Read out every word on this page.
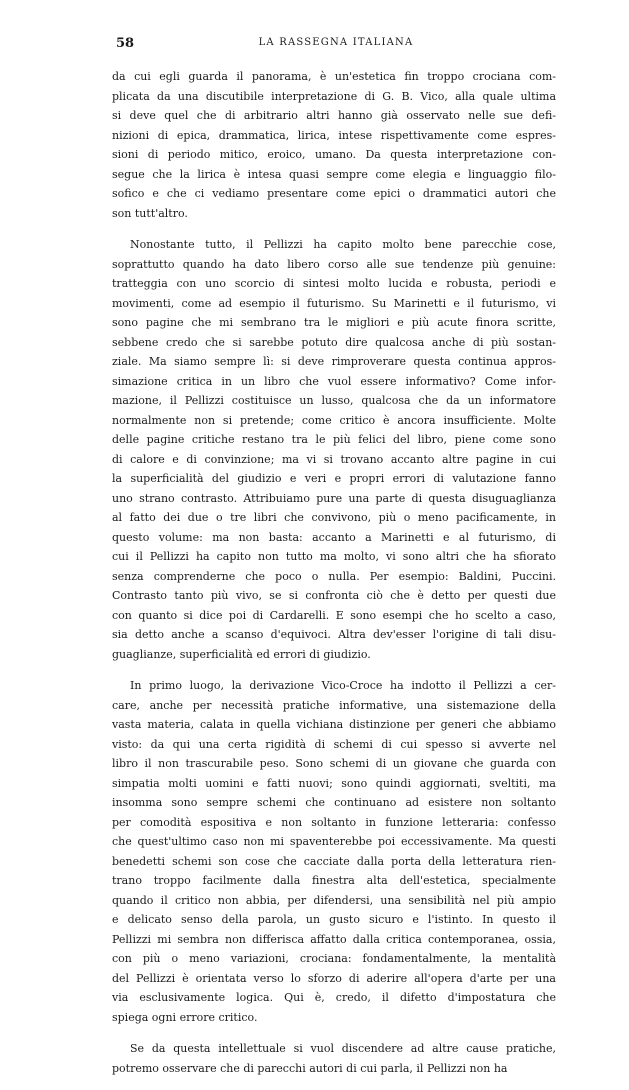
58	LA RASSEGNA ITALIANA
da cui egli guarda il panorama, è un'estetica fin troppo crociana com-
plicata da una discutibile interpretazione di G. B. Vico, alla quale ultima
si deve quel che di arbitrario altri hanno già osservato nelle sue defi-
nizioni di epica, drammatica, lirica, intese rispettivamente come espres-
sioni di periodo mitico, eroico, umano. Da questa interpretazione con-
segue che la lirica è intesa quasi sempre come elegia e linguaggio filo-
sofico e che ci vediamo presentare come epici o drammatici autori che
son tutt'altro.
Nonostante tutto, il Pellizzi ha capito molto bene parecchie cose,
soprattutto quando ha dato libero corso alle sue tendenze più genuine:
tratteggia con uno scorcio di sintesi molto lucida e robusta, periodi e
movimenti, come ad esempio il futurismo. Su Marinetti e il futurismo, vi
sono pagine che mi sembrano tra le migliori e più acute finora scritte,
sebbene credo che si sarebbe potuto dire qualcosa anche di più sostan-
ziale. Ma siamo sempre lì: si deve rimproverare questa continua appros-
simazione critica in un libro che vuol essere informativo? Come infor-
mazione, il Pellizzi costituisce un lusso, qualcosa che da un informatore
normalmente non si pretende; come critico è ancora insufficiente. Molte
delle pagine critiche restano tra le più felici del libro, piene come sono
di calore e di convinzione; ma vi si trovano accanto altre pagine in cui
la superficialità del giudizio e veri e propri errori di valutazione fanno
uno strano contrasto. Attribuiamo pure una parte di questa disuguaglianza
al fatto dei due o tre libri che convivono, più o meno pacificamente, in
questo volume: ma non basta: accanto a Marinetti e al futurismo, di
cui il Pellizzi ha capito non tutto ma molto, vi sono altri che ha sfiorato
senza comprenderne che poco o nulla. Per esempio: Baldini, Puccini.
Contrasto tanto più vivo, se si confronta ciò che è detto per questi due
con quanto si dice poi di Cardarelli. E sono esempi che ho scelto a caso,
sia detto anche a scanso d'equivoci. Altra dev'esser l'origine di tali disu-
guaglianze, superficialità ed errori di giudizio.
In primo luogo, la derivazione Vico-Croce ha indotto il Pellizzi a cer-
care, anche per necessità pratiche informative, una sistemazione della
vasta materia, calata in quella vichiana distinzione per generi che abbiamo
visto: da qui una certa rigidità di schemi di cui spesso si avverte nel
libro il non trascurabile peso. Sono schemi di un giovane che guarda con
simpatia molti uomini e fatti nuovi; sono quindi aggiornati, sveltiti, ma
insomma sono sempre schemi che continuano ad esistere non soltanto
per comodità espositiva e non soltanto in funzione letteraria: confesso
che quest'ultimo caso non mi spaventerebbe poi eccessivamente. Ma questi
benedetti schemi son cose che cacciate dalla porta della letteratura rien-
trano troppo facilmente dalla finestra alta dell'estetica, specialmente
quando il critico non abbia, per difendersi, una sensibilità nel più ampio
e delicato senso della parola, un gusto sicuro e l'istinto. In questo il
Pellizzi mi sembra non differisca affatto dalla critica contemporanea, ossia,
con più o meno variazioni, crociana: fondamentalmente, la mentalità
del Pellizzi è orientata verso lo sforzo di aderire all'opera d'arte per una
via esclusivamente logica. Qui è, credo, il difetto d'impostatura che
spiega ogni errore critico.
Se da questa intellettuale si vuol discendere ad altre cause pratiche,
potremo osservare che di parecchi autori di cui parla, il Pellizzi non ha
